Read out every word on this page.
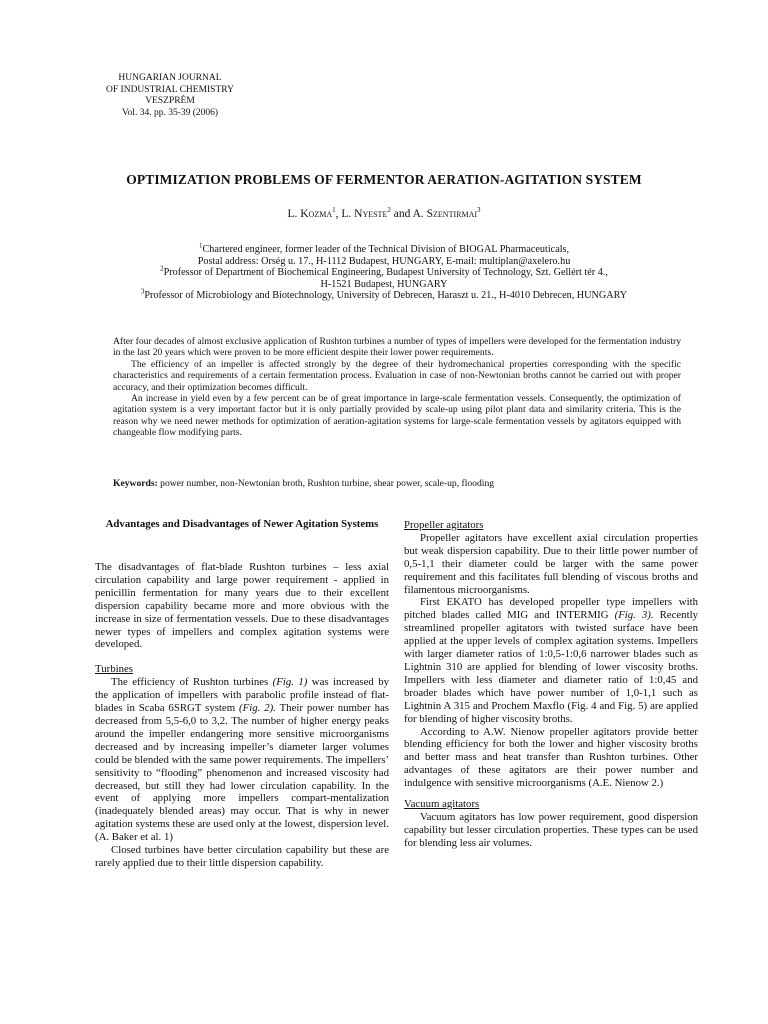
HUNGARIAN JOURNAL
OF INDUSTRIAL CHEMISTRY
VESZPRÉM
Vol. 34. pp. 35-39 (2006)
OPTIMIZATION PROBLEMS OF FERMENTOR AERATION-AGITATION SYSTEM
L. Kozma$^1$, L. Nyeste$^2$ and A. Szentirmai$^3$
$^1$Chartered engineer, former leader of the Technical Division of BIOGAL Pharmaceuticals,
Postal address: Orség u. 17., H-1112 Budapest, HUNGARY, E-mail: multiplan@axelero.hu
$^2$Professor of Department of Biochemical Engineering, Budapest University of Technology, Szt. Gellért tér 4.,
H-1521 Budapest, HUNGARY
$^3$Professor of Microbiology and Biotechnology, University of Debrecen, Haraszt u. 21., H-4010 Debrecen, HUNGARY

After four decades of almost exclusive application of Rushton turbines a number of types of impellers were developed for the fermentation industry in the last 20 years which were proven to be more efficient despite their lower power requirements.

The efficiency of an impeller is affected strongly by the degree of their hydromechanical properties corresponding with the specific characteristics and requirements of a certain fermentation process. Evaluation in case of non-Newtonian broths cannot be carried out with proper accuracy, and their optimization becomes difficult.

An increase in yield even by a few percent can be of great importance in large-scale fermentation vessels. Consequently, the optimization of agitation system is a very important factor but it is only partially provided by scale-up using pilot plant data and similarity criteria. This is the reason why we need newer methods for optimization of aeration-agitation systems for large-scale fermentation vessels by agitators equipped with changeable flow modifying parts.

Keywords: power number, non-Newtonian broth, Rushton turbine, shear power, scale-up, flooding
Advantages and Disadvantages of Newer Agitation Systems

The disadvantages of flat-blade Rushton turbines – less axial circulation capability and large power requirement - applied in penicillin fermentation for many years due to their excellent dispersion capability became more and more obvious with the increase in size of fermentation vessels. Due to these disadvantages newer types of impellers and complex agitation systems were developed.

Turbines

The efficiency of Rushton turbines (Fig. 1) was increased by the application of impellers with parabolic profile instead of flat-blades in Scaba 6SRGT system (Fig. 2). Their power number has decreased from 5,5-6,0 to 3,2. The number of higher energy peaks around the impeller endangering more sensitive microorganisms decreased and by increasing impeller’s diameter larger volumes could be blended with the same power requirements. The impellers’ sensitivity to “flooding” phenomenon and increased viscosity had decreased, but still they had lower circulation capability. In the event of applying more impellers compart-mentalization (inadequately blended areas) may occur. That is why in newer agitation systems these are used only at the lowest, dispersion level. (A. Baker et al. 1)

Closed turbines have better circulation capability but these are rarely applied due to their little dispersion capability.

Propeller agitators

Propeller agitators have excellent axial circulation properties but weak dispersion capability. Due to their little power number of 0,5-1,1 their diameter could be larger with the same power requirement and this facilitates full blending of viscous broths and filamentous microorganisms.

First EKATO has developed propeller type impellers with pitched blades called MIG and INTERMIG (Fig. 3). Recently streamlined propeller agitators with twisted surface have been applied at the upper levels of complex agitation systems. Impellers with larger diameter ratios of 1:0,5-1:0,6 narrower blades such as Lightnin 310 are applied for blending of lower viscosity broths. Impellers with less diameter and diameter ratio of 1:0,45 and broader blades which have power number of 1,0-1,1 such as Lightnin A 315 and Prochem Maxflo (Fig. 4 and Fig. 5) are applied for blending of higher viscosity broths.

According to A.W. Nienow propeller agitators provide better blending efficiency for both the lower and higher viscosity broths and better mass and heat transfer than Rushton turbines. Other advantages of these agitators are their power number and indulgence with sensitive microorganisms (A.E. Nienow 2.)

Vacuum agitators

Vacuum agitators has low power requirement, good dispersion capability but lesser circulation properties. These types can be used for blending less air volumes.
